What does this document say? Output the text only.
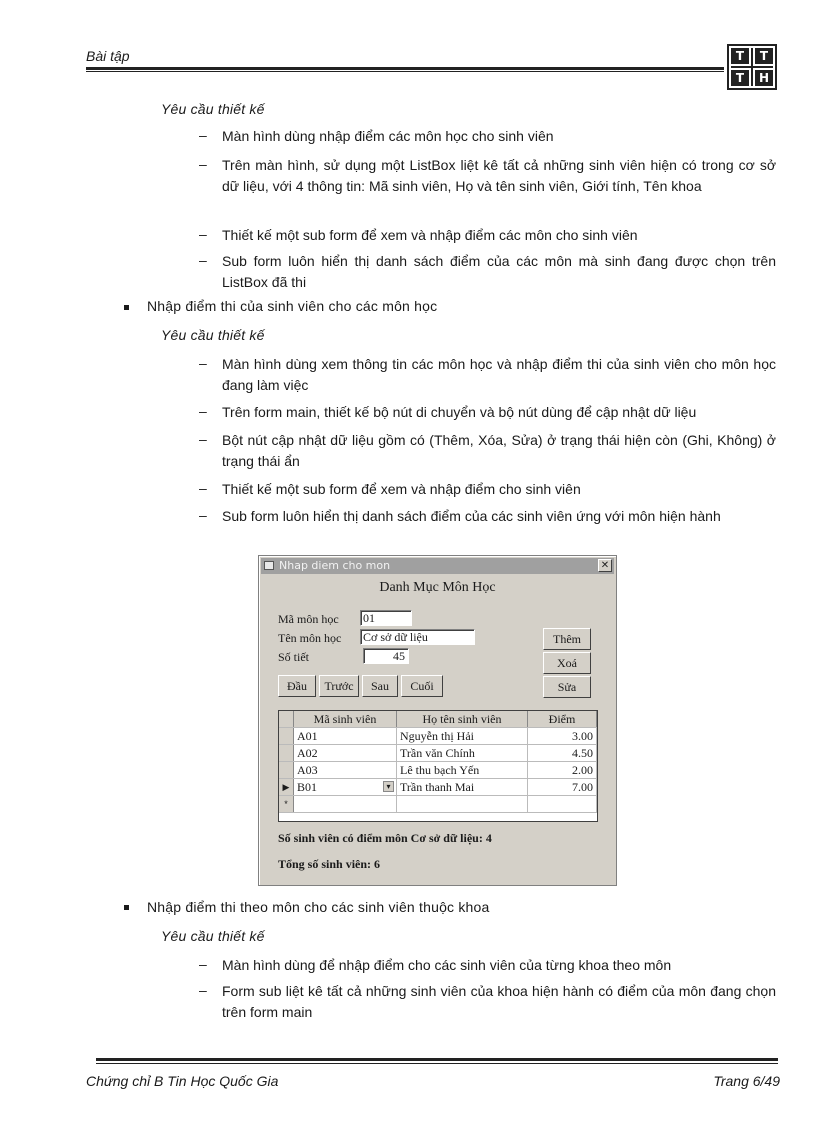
Bài tập	T	T
T	H
Yêu cầu thiết kế
– Màn hình dùng nhập điểm các môn học cho sinh viên
– Trên màn hình, sử dụng một ListBox liệt kê tất cả những sinh viên hiện có trong cơ sở dữ liệu, với 4 thông tin: Mã sinh viên, Họ và tên sinh viên, Giới tính, Tên khoa
– Thiết kế một sub form để xem và nhập điểm các môn cho sinh viên
– Sub form luôn hiển thị danh sách điểm của các môn mà sinh đang được chọn trên ListBox đã thi
Nhập điểm thi của sinh viên cho các môn học
Yêu cầu thiết kế
– Màn hình dùng xem thông tin các môn học và nhập điểm thi của sinh viên cho môn học đang làm việc
– Trên form main, thiết kế bộ nút di chuyển và bộ nút dùng để cập nhật dữ liệu
– Bột nút cập nhật dữ liệu gồm có (Thêm, Xóa, Sửa) ở trạng thái hiện còn (Ghi, Không) ở trạng thái ẩn
– Thiết kế một sub form để xem và nhập điểm cho sinh viên
– Sub form luôn hiển thị danh sách điểm của các sinh viên ứng với môn hiện hành
Nhap diem cho mon	✕
Danh Mục Môn Học
Mã môn học 01
Tên môn học Cơ sở dữ liệu
Số tiết	45
Đầu	Trước	Sau	Cuối
Thêm
Xoá
Sửa
Mã sinh viên	Họ tên sinh viên	Điểm
A01	Nguyễn thị Hải	3.00
A02	Trần văn Chính	4.50
A03	Lê thu bạch Yến	2.00
▶ B01	▾ Trần thanh Mai	7.00
*
Số sinh viên có điểm môn Cơ sở dữ liệu: 4
Tổng số sinh viên: 6
Nhập điểm thi theo môn cho các sinh viên thuộc khoa
Yêu cầu thiết kế
– Màn hình dùng để nhập điểm cho các sinh viên của từng khoa theo môn
– Form sub liệt kê tất cả những sinh viên của khoa hiện hành có điểm của môn đang chọn trên form main
Chứng chỉ B Tin Học Quốc Gia	Trang 6/49
